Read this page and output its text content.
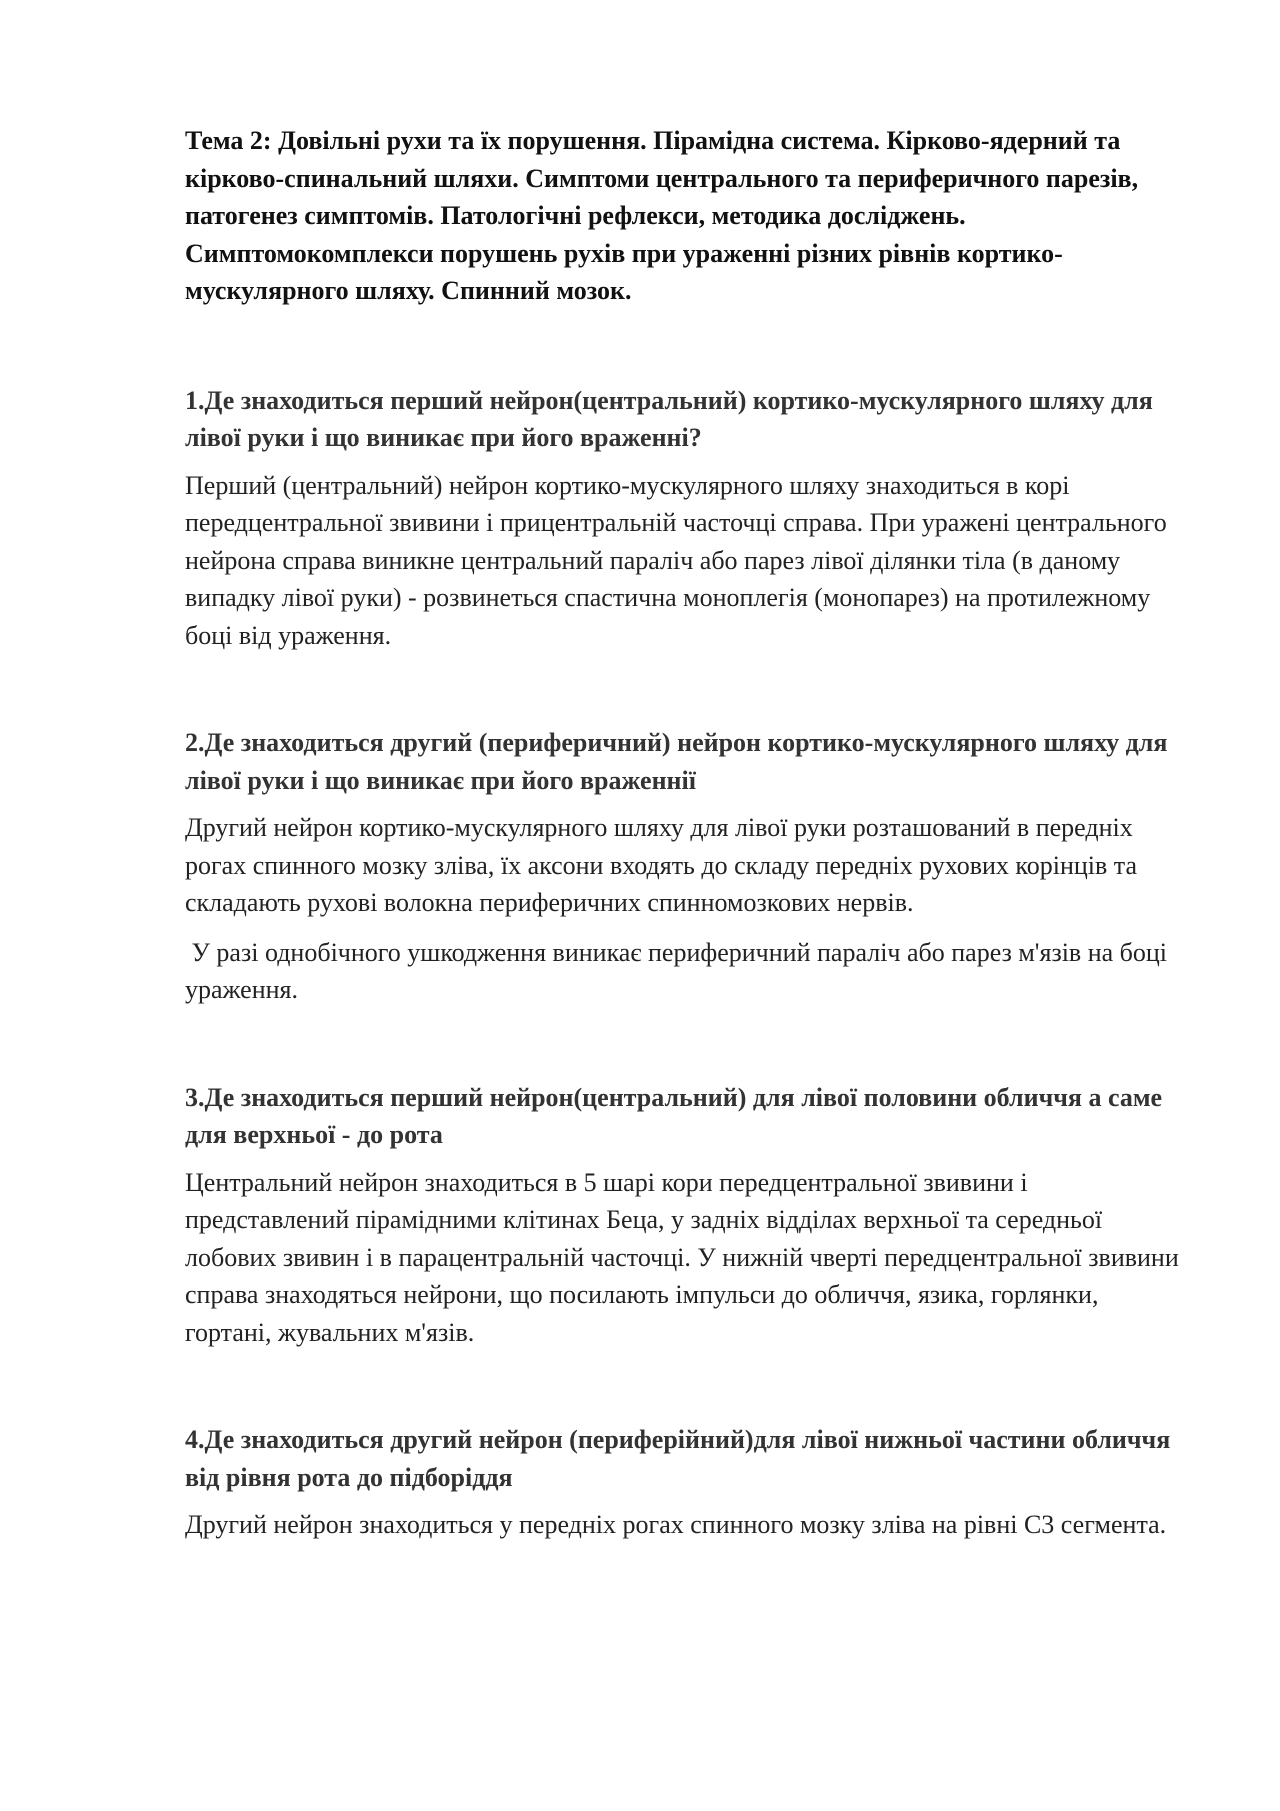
Тема 2: Довільні рухи та їх порушення. Пірамідна система. Кірково-ядерний та кірково-спинальний шляхи. Симптоми центрального та периферичного парезів, патогенез симптомів. Патологічні рефлекси, методика досліджень. Симптомокомплекси порушень рухів при ураженні різних рівнів кортико-мускулярного шляху. Спинний мозок.

1.Де знаходиться перший нейрон(центральний) кортико-мускулярного шляху для лівої руки і що виникає при його враженні?

Перший (центральний) нейрон кортико-мускулярного шляху знаходиться в корі передцентральної звивини і прицентральній часточці справа. При уражені центрального нейрона справа виникне центральний параліч або парез лівої ділянки тіла (в даному випадку лівої руки) - розвинеться спастична моноплегія (монопарез) на протилежному боці від ураження.

2.Де знаходиться другий (периферичний) нейрон кортико-мускулярного шляху для лівої руки і що виникає при його враженнії

Другий нейрон кортико-мускулярного шляху для лівої руки розташований в передніх рогах спинного мозку зліва, їх аксони входять до складу передніх рухових корінців та складають рухові волокна периферичних спинномозкових нервів.

У разі однобічного ушкодження виникає периферичний параліч або парез м'язів на боці ураження.

3.Де знаходиться перший нейрон(центральний) для лівої половини обличчя а саме для верхньої - до рота

Центральний нейрон знаходиться в 5 шарі кори передцентральної звивини і представлений пірамідними клітинах Беца, у задніх відділах верхньої та середньої лобових звивин і в парацентральній часточці. У нижній чверті передцентральної звивини справа знаходяться нейрони, що посилають імпульси до обличчя, язика, горлянки, гортані, жувальних м'язів.

4.Де знаходиться другий нейрон (периферійний)для лівої нижньої частини обличчя від рівня рота до підборіддя

Другий нейрон знаходиться у передніх рогах спинного мозку зліва на рівні С3 сегмента.
